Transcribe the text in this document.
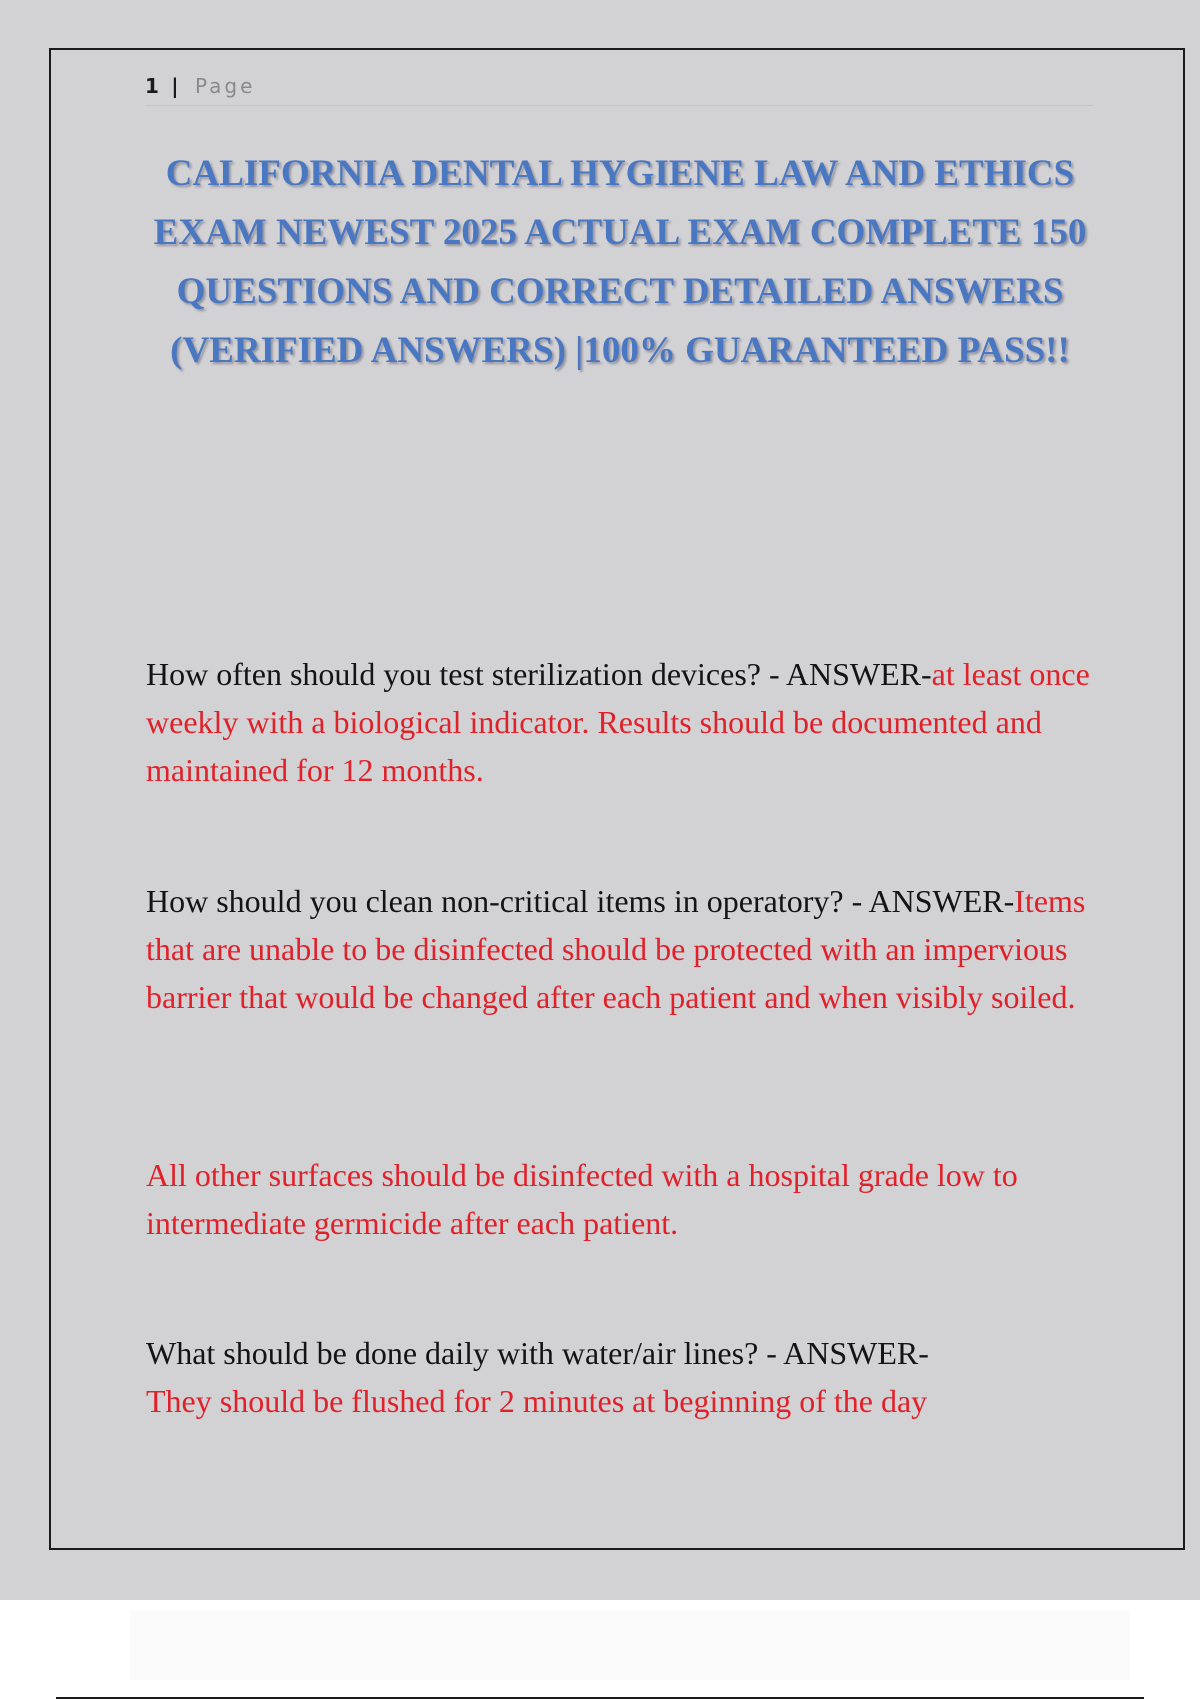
1 | Page
CALIFORNIA DENTAL HYGIENE LAW AND ETHICS EXAM NEWEST 2025 ACTUAL EXAM COMPLETE 150 QUESTIONS AND CORRECT DETAILED ANSWERS (VERIFIED ANSWERS) |100% GUARANTEED PASS!!

How often should you test sterilization devices? - ANSWER-at least once weekly with a biological indicator. Results should be documented and maintained for 12 months.

How should you clean non-critical items in operatory? - ANSWER-Items that are unable to be disinfected should be protected with an impervious barrier that would be changed after each patient and when visibly soiled.

All other surfaces should be disinfected with a hospital grade low to intermediate germicide after each patient.

What should be done daily with water/air lines? - ANSWER-
They should be flushed for 2 minutes at beginning of the day
